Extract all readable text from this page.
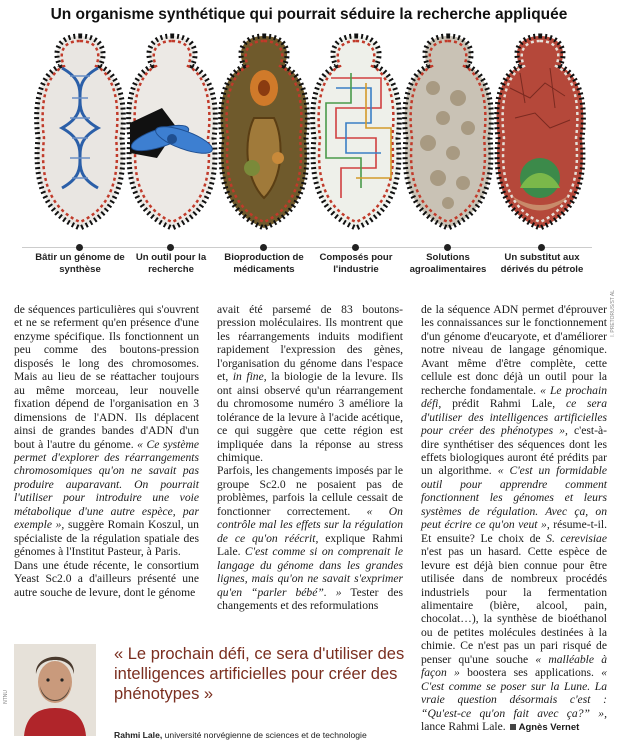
Un organisme synthétique qui pourrait séduire la recherche appliquée
Bâtir un génome de synthèse
Un outil pour la recherche
Bioproduction de médicaments
Composés pour l'industrie
Solutions agroalimentaires
Un substitut aux dérivés du pétrole
I. PRETORUS/ST AL

de séquences particulières qui s'ouvrent et ne se referment qu'en présence d'une enzyme spécifique. Ils fonctionnent un peu comme des boutons-pression disposés le long des chromosomes. Mais au lieu de se réattacher toujours au même morceau, leur nouvelle fixation dépend de l'organisation en 3 dimensions de l'ADN. Ils déplacent ainsi de grandes bandes d'ADN d'un bout à l'autre du génome. « Ce système permet d'explorer des réarrangements chromosomiques qu'on ne savait pas produire auparavant. On pourrait l'utiliser pour introduire une voie métabolique d'une autre espèce, par exemple », suggère Romain Koszul, un spécialiste de la régulation spatiale des génomes à l'Institut Pasteur, à Paris.

Dans une étude récente, le consortium Yeast Sc2.0 a d'ailleurs présenté une autre souche de levure, dont le génome

avait été parsemé de 83 boutons-pression moléculaires. Ils montrent que les réarrangements induits modifient rapidement l'expression des gènes, l'organisation du génome dans l'espace et, in fine, la biologie de la levure. Ils ont ainsi observé qu'un réarrangement du chromosome numéro 3 améliore la tolérance de la levure à l'acide acétique, ce qui suggère que cette région est impliquée dans la réponse au stress chimique.

Parfois, les changements imposés par le groupe Sc2.0 ne posaient pas de problèmes, parfois la cellule cessait de fonctionner correctement. « On contrôle mal les effets sur la régulation de ce qu'on réécrit, explique Rahmi Lale. C'est comme si on comprenait le langage du génome dans les grandes lignes, mais qu'on ne savait s'exprimer qu'en “parler bébé”. » Tester des changements et des reformulations

de la séquence ADN permet d'éprouver les connaissances sur le fonctionnement d'un génome d'eucaryote, et d'améliorer notre niveau de langage génomique. Avant même d'être complète, cette cellule est donc déjà un outil pour la recherche fondamentale. « Le prochain défi, prédit Rahmi Lale, ce sera d'utiliser des intelligences artificielles pour créer des phénotypes », c'est-à-dire synthétiser des séquences dont les effets biologiques auront été prédits par un algorithme. « C'est un formidable outil pour apprendre comment fonctionnent les génomes et leurs systèmes de régulation. Avec ça, on peut écrire ce qu'on veut », résume-t-il. Et ensuite? Le choix de S. cerevisiae n'est pas un hasard. Cette espèce de levure est déjà bien connue pour être utilisée dans de nombreux procédés industriels pour la fermentation alimentaire (bière, alcool, pain, chocolat…), la synthèse de bioéthanol ou de petites molécules destinées à la chimie. Ce n'est pas un pari risqué de penser qu'une souche « malléable à façon » boostera ses applications. « C'est comme se poser sur la Lune. La vraie question désormais c'est : “Qu'est-ce qu'on fait avec ça?” », lance Rahmi Lale. Agnès Vernet

« Le prochain défi, ce sera d'utiliser des intelligences artificielles pour créer des phénotypes »
Rahmi Lale, université norvégienne de sciences et de technologie
NTNU
